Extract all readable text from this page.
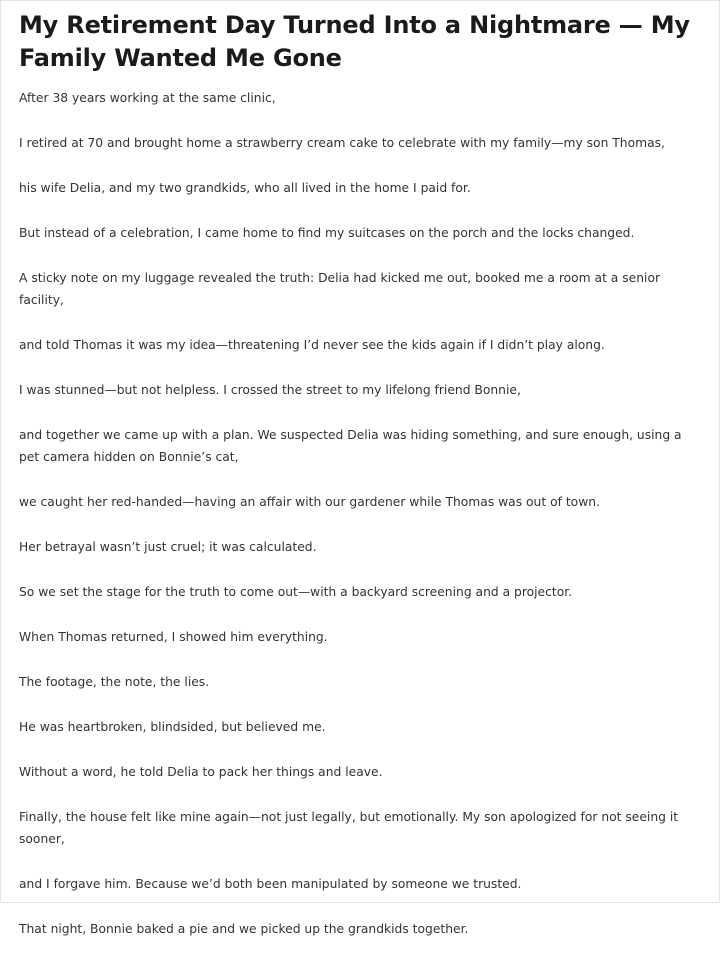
My Retirement Day Turned Into a Nightmare — My Family Wanted Me Gone

After 38 years working at the same clinic,

I retired at 70 and brought home a strawberry cream cake to celebrate with my family—my son Thomas,

his wife Delia, and my two grandkids, who all lived in the home I paid for.

But instead of a celebration, I came home to find my suitcases on the porch and the locks changed.

A sticky note on my luggage revealed the truth: Delia had kicked me out, booked me a room at a senior facility,

and told Thomas it was my idea—threatening I’d never see the kids again if I didn’t play along.

I was stunned—but not helpless. I crossed the street to my lifelong friend Bonnie,

and together we came up with a plan. We suspected Delia was hiding something, and sure enough, using a pet camera hidden on Bonnie’s cat,

we caught her red-handed—having an affair with our gardener while Thomas was out of town.

Her betrayal wasn’t just cruel; it was calculated.

So we set the stage for the truth to come out—with a backyard screening and a projector.

When Thomas returned, I showed him everything.

The footage, the note, the lies.

He was heartbroken, blindsided, but believed me.

Without a word, he told Delia to pack her things and leave.

Finally, the house felt like mine again—not just legally, but emotionally. My son apologized for not seeing it sooner,

and I forgave him. Because we’d both been manipulated by someone we trusted.

That night, Bonnie baked a pie and we picked up the grandkids together.
